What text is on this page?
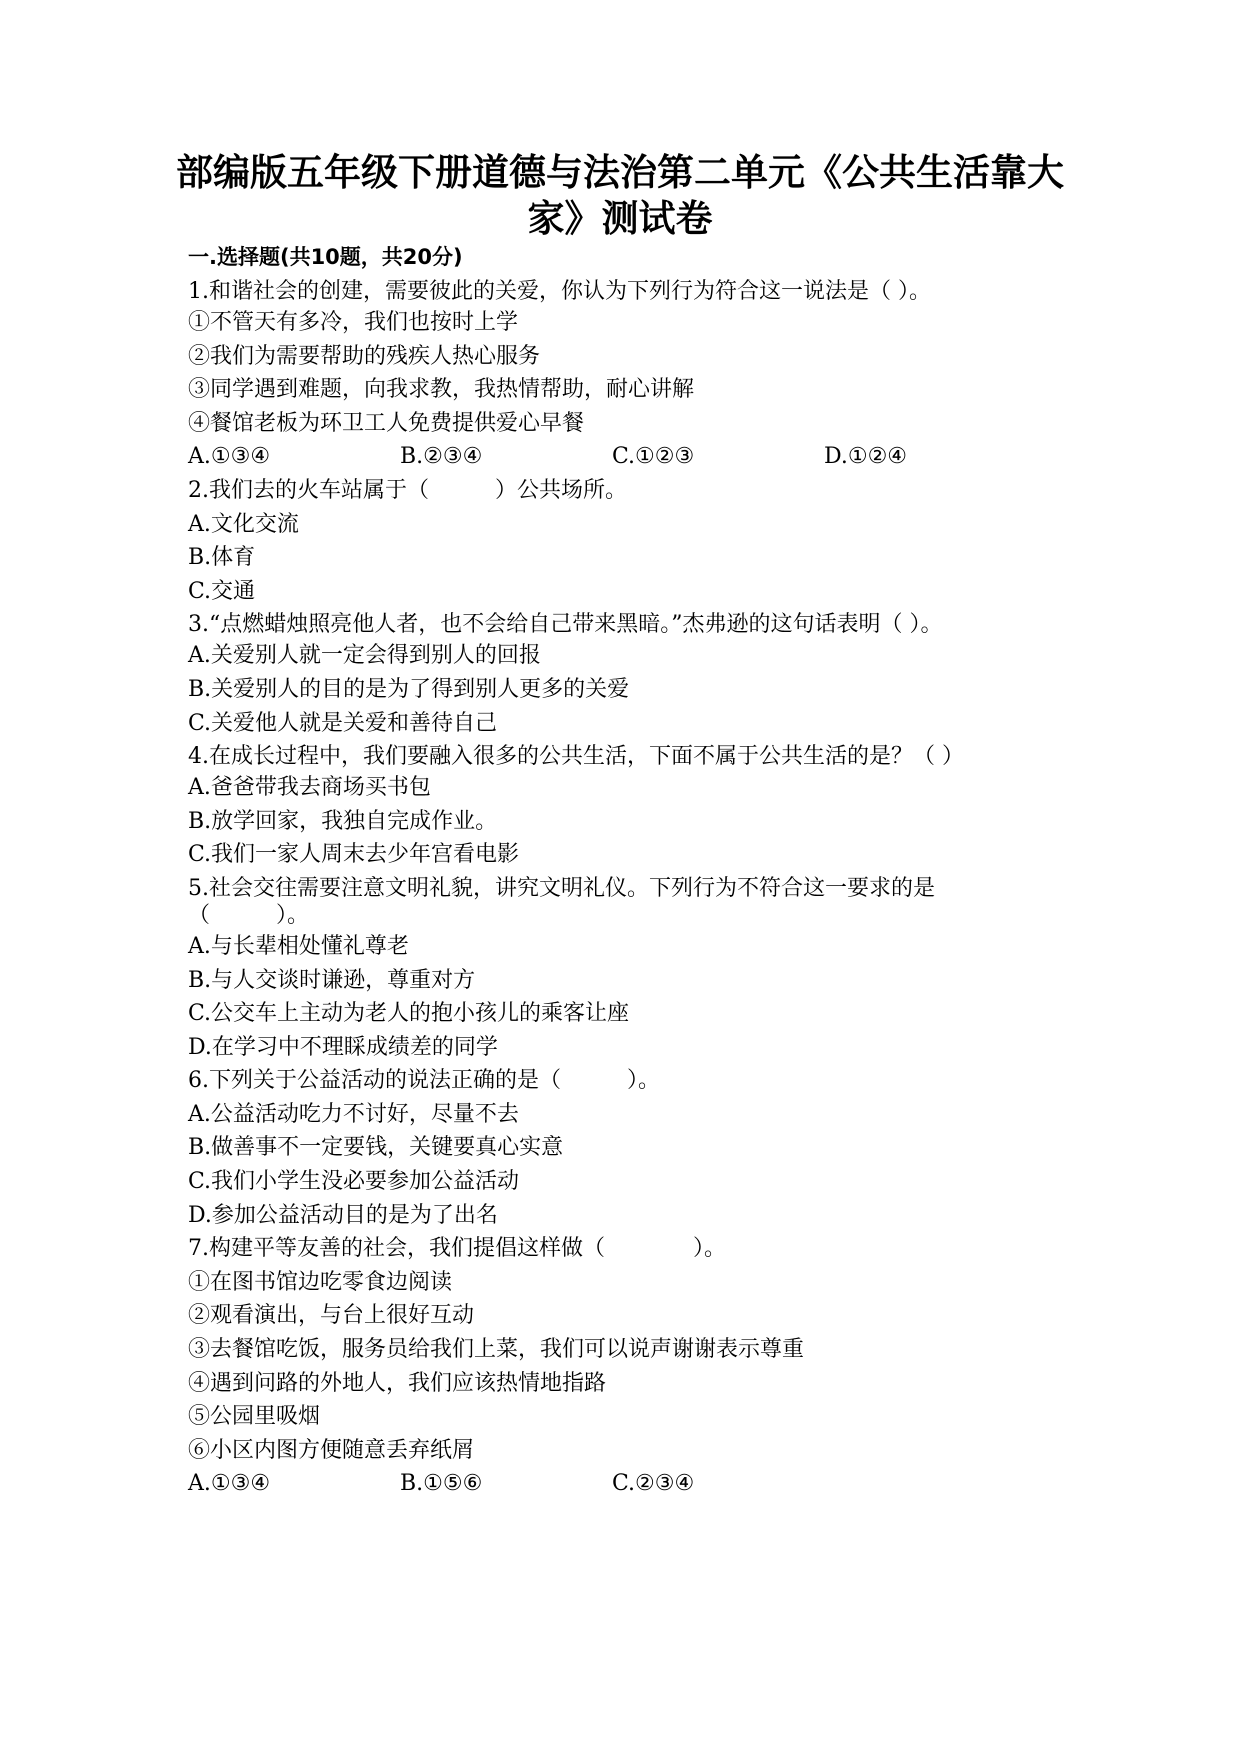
部编版五年级下册道德与法治第二单元《公共生活靠大家》测试卷
一.选择题(共10题，共20分)
1.和谐社会的创建，需要彼此的关爱，你认为下列行为符合这一说法是（ ）。
①不管天有多冷，我们也按时上学
②我们为需要帮助的残疾人热心服务
③同学遇到难题，向我求教，我热情帮助，耐心讲解
④餐馆老板为环卫工人免费提供爱心早餐
A.①③④	B.②③④	C.①②③	D.①②④
2.我们去的火车站属于（　　　）公共场所。
A.文化交流
B.体育
C.交通
3.“点燃蜡烛照亮他人者，也不会给自己带来黑暗。”杰弗逊的这句话表明（ ）。
A.关爱别人就一定会得到别人的回报
B.关爱别人的目的是为了得到别人更多的关爱
C.关爱他人就是关爱和善待自己
4.在成长过程中，我们要融入很多的公共生活，下面不属于公共生活的是？（ ）
A.爸爸带我去商场买书包
B.放学回家，我独自完成作业。
C.我们一家人周末去少年宫看电影
5.社会交往需要注意文明礼貌，讲究文明礼仪。下列行为不符合这一要求的是（　　　）。
A.与长辈相处懂礼尊老
B.与人交谈时谦逊，尊重对方
C.公交车上主动为老人的抱小孩儿的乘客让座
D.在学习中不理睬成绩差的同学
6.下列关于公益活动的说法正确的是（　　　）。
A.公益活动吃力不讨好，尽量不去
B.做善事不一定要钱，关键要真心实意
C.我们小学生没必要参加公益活动
D.参加公益活动目的是为了出名
7.构建平等友善的社会，我们提倡这样做（　　　　）。
①在图书馆边吃零食边阅读
②观看演出，与台上很好互动
③去餐馆吃饭，服务员给我们上菜，我们可以说声谢谢表示尊重
④遇到问路的外地人，我们应该热情地指路
⑤公园里吸烟
⑥小区内图方便随意丢弃纸屑
A.①③④	B.①⑤⑥	C.②③④
